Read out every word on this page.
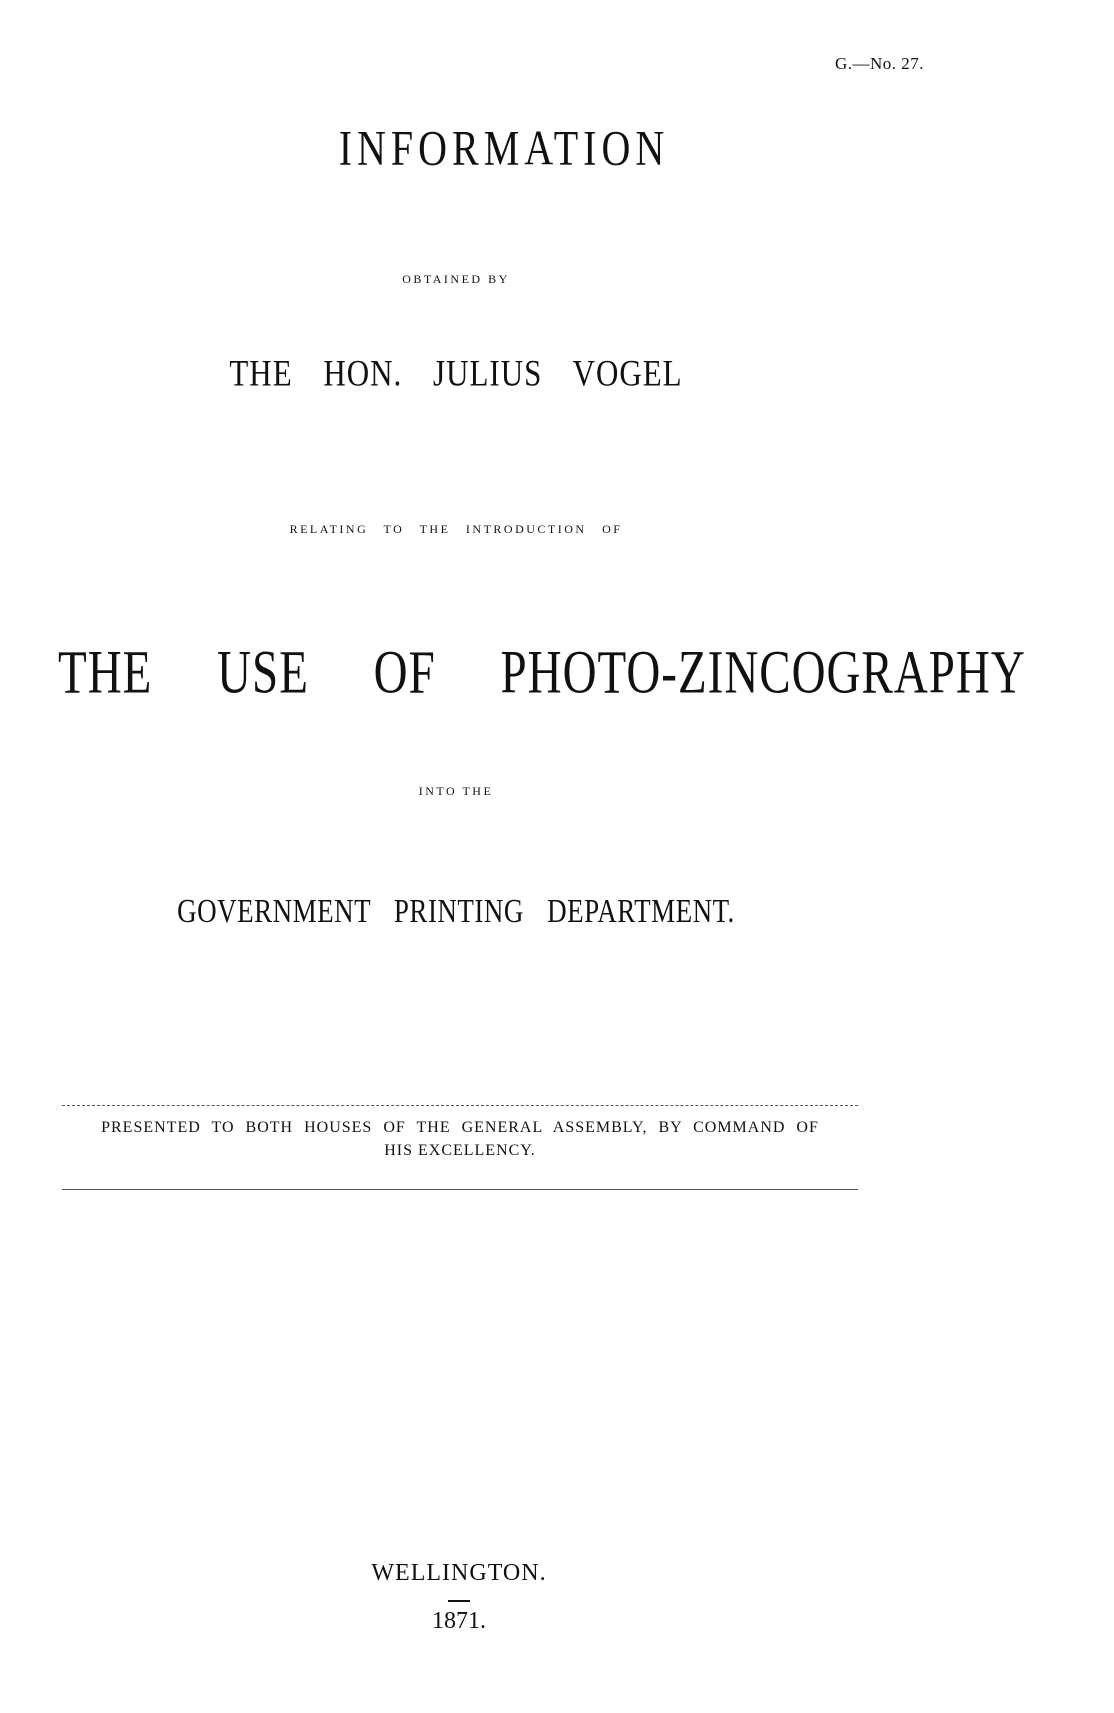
G.—No. 27.
INFORMATION
OBTAINED BY
THE HON. JULIUS VOGEL
RELATING TO THE INTRODUCTION OF
THE USE OF PHOTO-ZINCOGRAPHY
INTO THE
GOVERNMENT PRINTING DEPARTMENT.
PRESENTED TO BOTH HOUSES OF THE GENERAL ASSEMBLY, BY COMMAND OF
HIS EXCELLENCY.
WELLINGTON.
1871.
